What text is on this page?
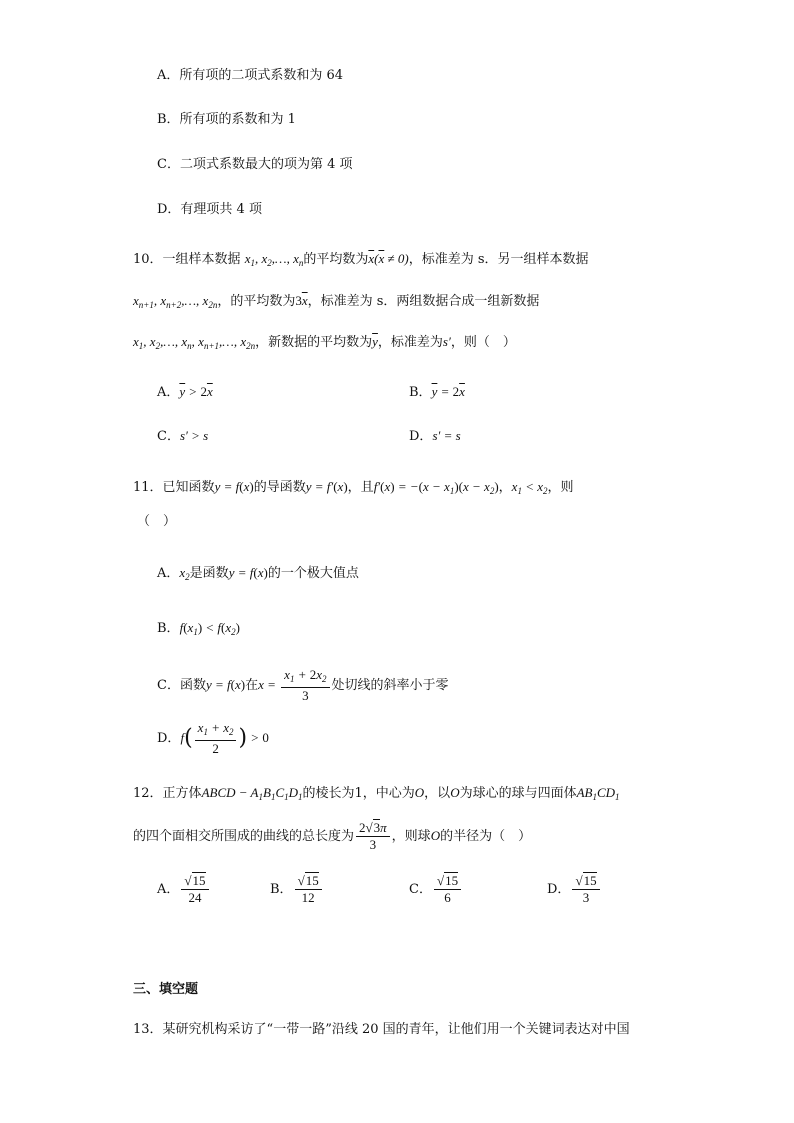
A．所有项的二项式系数和为 64
B．所有项的系数和为 1
C．二项式系数最大的项为第 4 项
D．有理项共 4 项
10．一组样本数据 $x_1$, $x_2,\dots$, $x_n$的平均数为$\overline{x}(\overline{x} \ne 0)$，标准差为 s．另一组样本数据
$x_{n+1}$, $x_{n+2},\dots$, $x_{2n}$，的平均数为$3\overline{x}$，标准差为 s．两组数据合成一组新数据
$x_1$, $x_2,\dots$, $x_n$, $x_{n+1},\dots$, $x_{2n}$，新数据的平均数为$\overline{y}$，标准差为s′，则（　）
A．$\overline{y} > 2\overline{x}$	B．$\overline{y} = 2\overline{x}$
C．s′ > s	D．s′ = s
11．已知函数y = f(x)的导函数y = f′(x)，且$f'(x) = -(x - x_1)(x - x_2)$，$x_1 < x_2$，则
（　）
A．$x_2$是函数y = f(x)的一个极大值点
B．$f(x_1) < f(x_2)$
C．函数y = f(x)在$x = \frac{x_1 + 2x_2}{3}$ 处切线的斜率小于零
D．$f( \frac{x_1 + x_2}{2}$ ) > 0
12．正方体ABCD − $A_1B_1C_1D_1$的棱长为1，中心为O，以O为球心的球与四面体$AB_1CD_1$
的四个面相交所围成的曲线的总长度为 $\frac{2√3\pi}{3}$ ，则球O的半径为（　）
A． $\frac{√15}{24}$	B． $\frac{√15}{12}$	C． $\frac{√15}{6}$	D． $\frac{√15}{3}$
三、填空题
13．某研究机构采访了“一带一路”沿线 20 国的青年，让他们用一个关键词表达对中国
